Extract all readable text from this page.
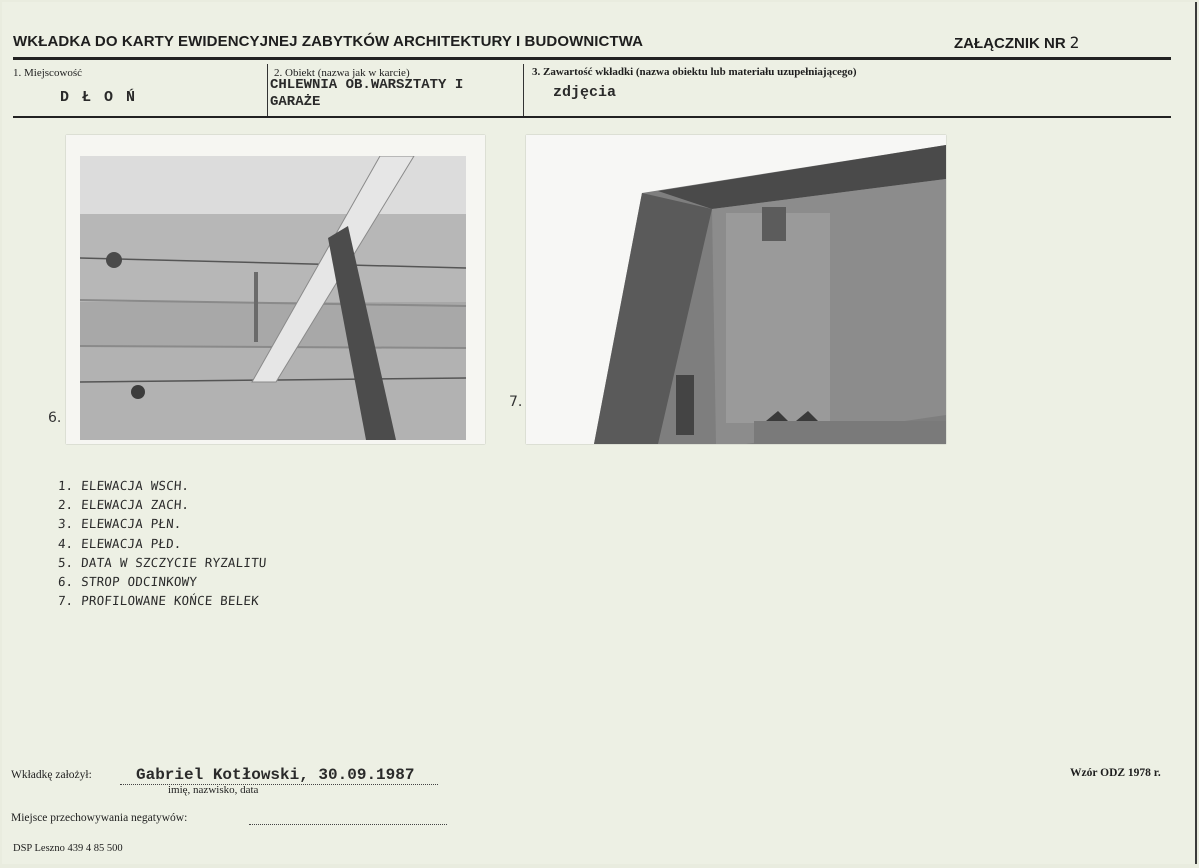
WKŁADKA DO KARTY EWIDENCYJNEJ ZABYTKÓW ARCHITEKTURY I BUDOWNICTWA	ZAŁĄCZNIK NR 2
1. Miejscowość
D Ł O Ń
2. Obiekt (nazwa jak w karcie)
CHLEWNIA OB.WARSZTATY I
GARAŻE
3. Zawartość wkładki (nazwa obiektu lub materiału uzupełniającego)
zdjęcia
6.
7.
1. ELEWACJA WSCH.
2. ELEWACJA ZACH.
3. ELEWACJA PŁN.
4. ELEWACJA PŁD.
5. DATA W SZCZYCIE RYZALITU
6. STROP ODCINKOWY
7. PROFILOWANE KOŃCE BELEK
Wkładkę założył:	Gabriel Kotłowski, 30.09.1987
imię, nazwisko, data
Wzór ODZ 1978 r.
Miejsce przechowywania negatywów:
DSP Leszno 439 4 85 500
